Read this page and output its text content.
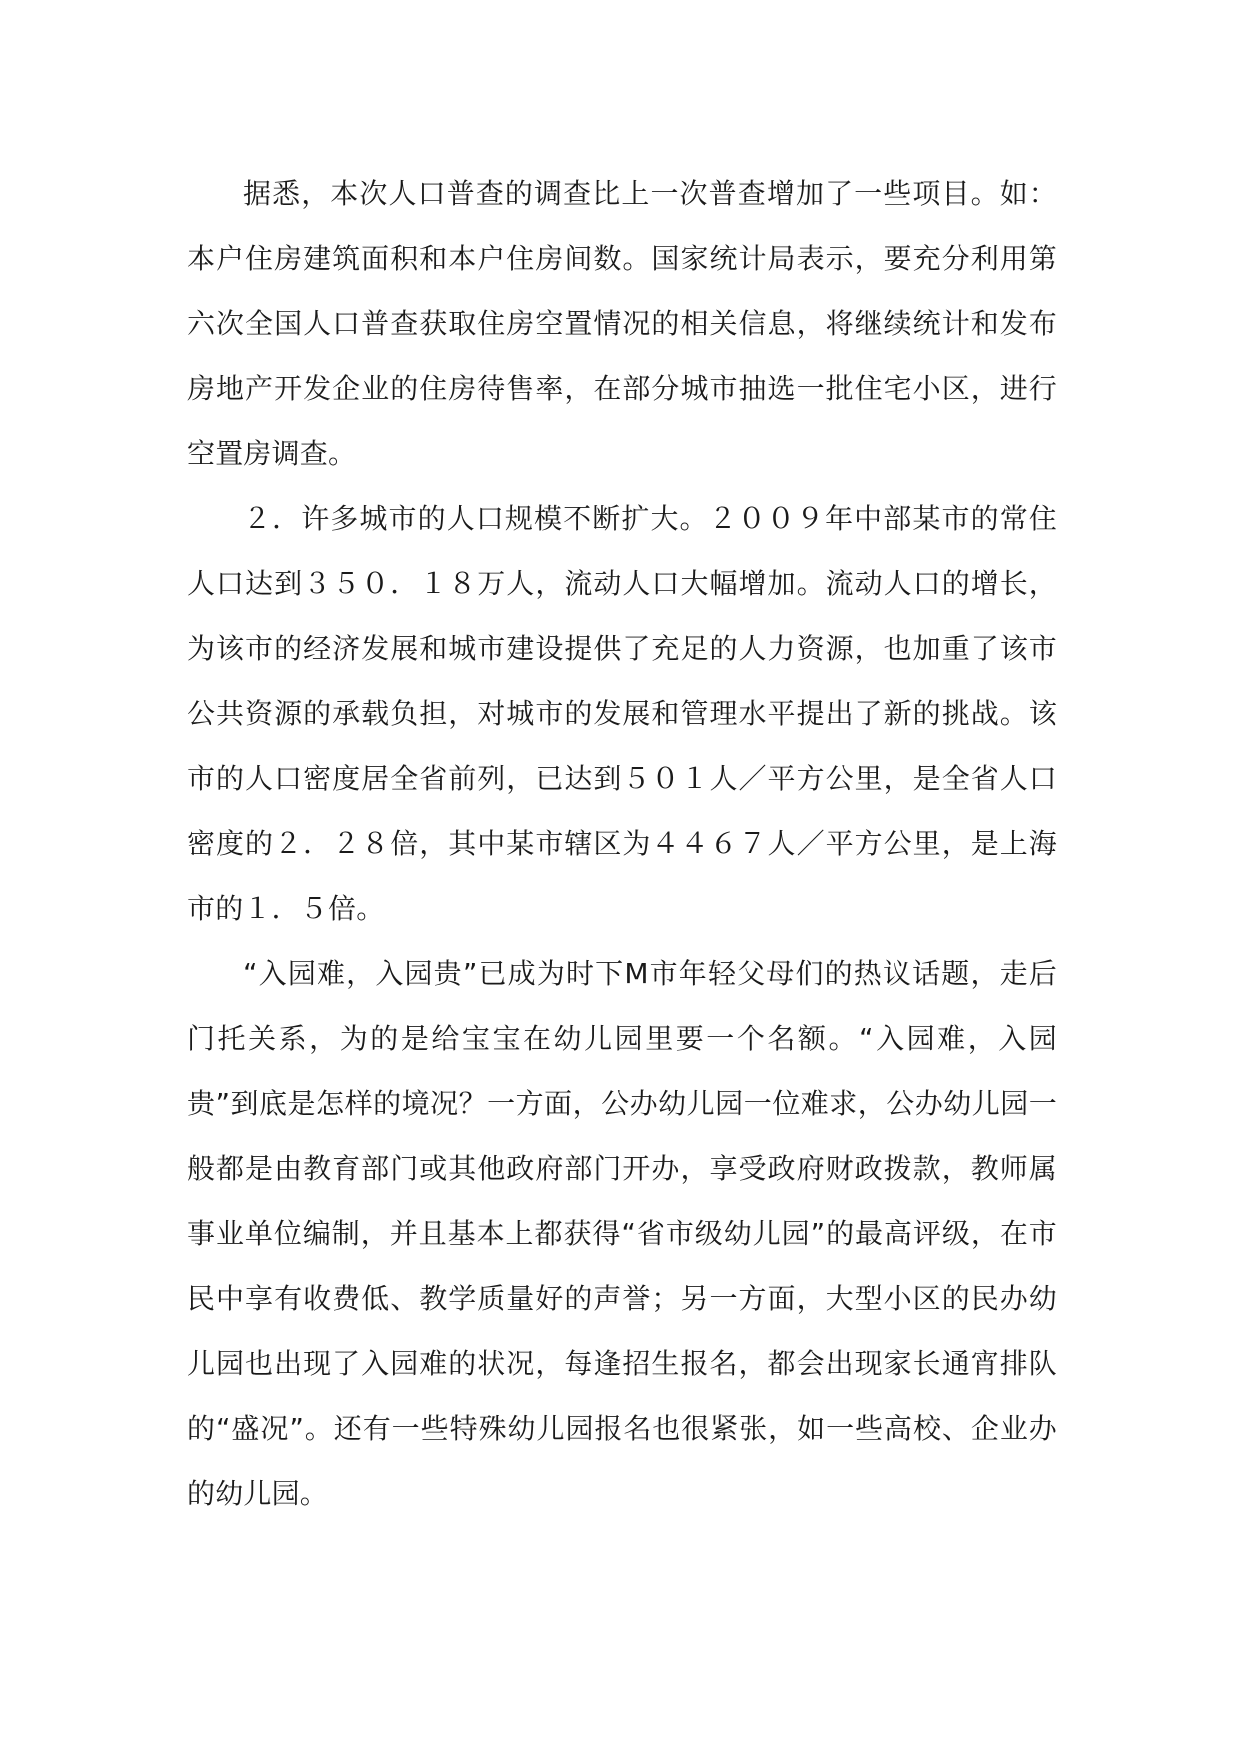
据悉，本次人口普查的调查比上一次普查增加了一些项目。如：本户住房建筑面积和本户住房间数。国家统计局表示，要充分利用第六次全国人口普查获取住房空置情况的相关信息，将继续统计和发布房地产开发企业的住房待售率，在部分城市抽选一批住宅小区，进行空置房调查。

２．许多城市的人口规模不断扩大。２００９年中部某市的常住人口达到３５０．１８万人，流动人口大幅增加。流动人口的增长，为该市的经济发展和城市建设提供了充足的人力资源，也加重了该市公共资源的承载负担，对城市的发展和管理水平提出了新的挑战。该市的人口密度居全省前列，已达到５０１人／平方公里，是全省人口密度的２．２８倍，其中某市辖区为４４６７人／平方公里，是上海市的１．５倍。

“入园难，入园贵”已成为时下M市年轻父母们的热议话题，走后门托关系，为的是给宝宝在幼儿园里要一个名额。“入园难，入园贵”到底是怎样的境况？一方面，公办幼儿园一位难求，公办幼儿园一般都是由教育部门或其他政府部门开办，享受政府财政拨款，教师属事业单位编制，并且基本上都获得“省市级幼儿园”的最高评级，在市民中享有收费低、教学质量好的声誉；另一方面，大型小区的民办幼儿园也出现了入园难的状况，每逢招生报名，都会出现家长通宵排队的“盛况”。还有一些特殊幼儿园报名也很紧张，如一些高校、企业办的幼儿园。
